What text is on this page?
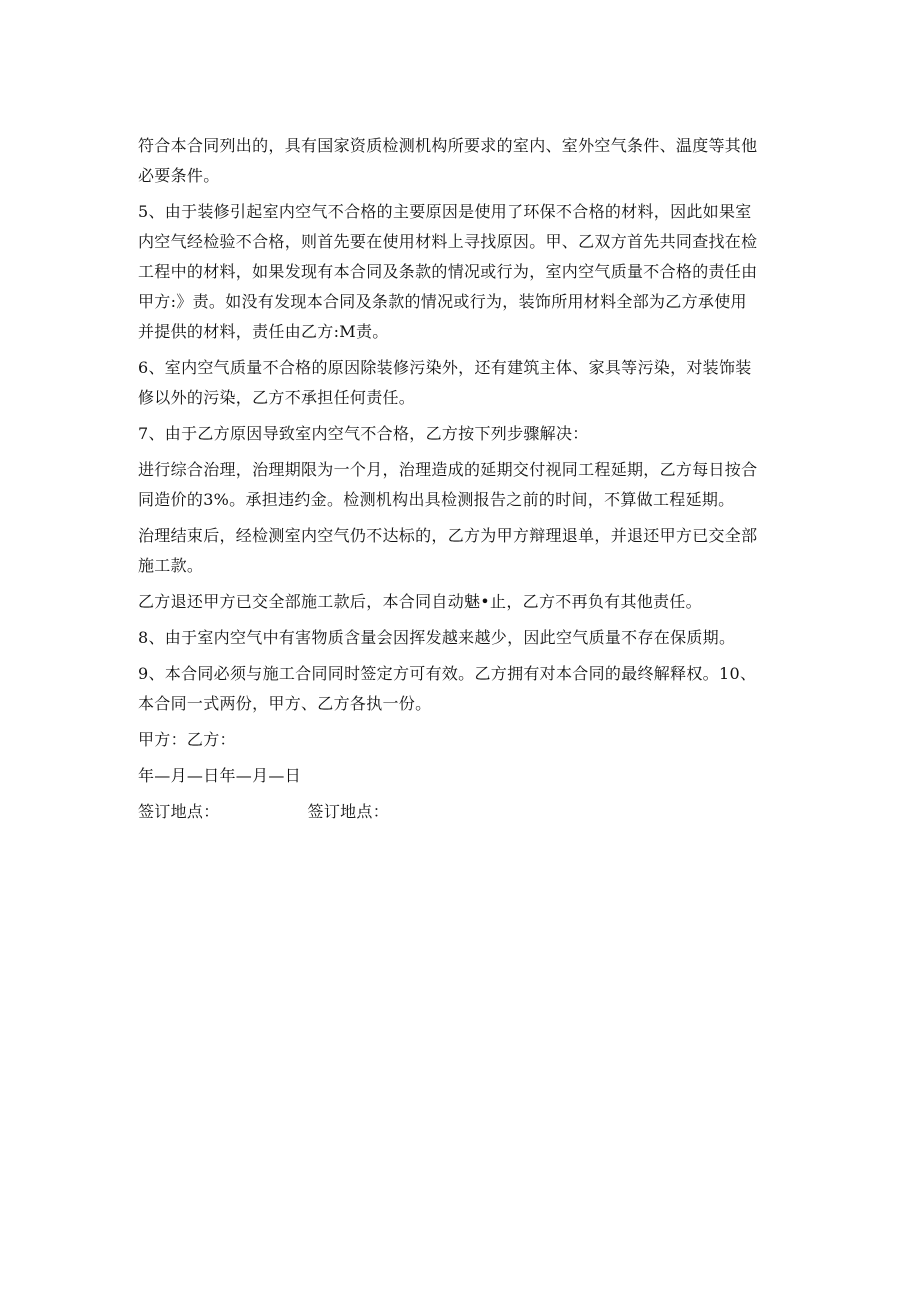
符合本合同列出的，具有国家资质检测机构所要求的室内、室外空气条件、温度等其他
必要条件。

5、由于装修引起室内空气不合格的主要原因是使用了环保不合格的材料，因此如果室
内空气经检验不合格，则首先要在使用材料上寻找原因。甲、乙双方首先共同查找在检
工程中的材料，如果发现有本合同及条款的情况或行为，室内空气质量不合格的责任由
甲方:》责。如没有发现本合同及条款的情况或行为，装饰所用材料全部为乙方承使用
并提供的材料，责任由乙方:M责。

6、室内空气质量不合格的原因除装修污染外，还有建筑主体、家具等污染，对装饰装
修以外的污染，乙方不承担任何责任。

7、由于乙方原因导致室内空气不合格，乙方按下列步骤解决：

进行综合治理，治理期限为一个月，治理造成的延期交付视同工程延期，乙方每日按合
同造价的3%。承担违约金。检测机构出具检测报告之前的时间，不算做工程延期。

治理结束后，经检测室内空气仍不达标的，乙方为甲方辩理退单，并退还甲方已交全部
施工款。

乙方退还甲方已交全部施工款后，本合同自动魅•止，乙方不再负有其他责任。

8、由于室内空气中有害物质含量会因挥发越来越少，因此空气质量不存在保质期。

9、本合同必须与施工合同同时签定方可有效。乙方拥有对本合同的最终解释权。10、
本合同一式两份，甲方、乙方各执一份。

甲方：乙方：
年—月—日年—月—日
签订地点：	签订地点：
